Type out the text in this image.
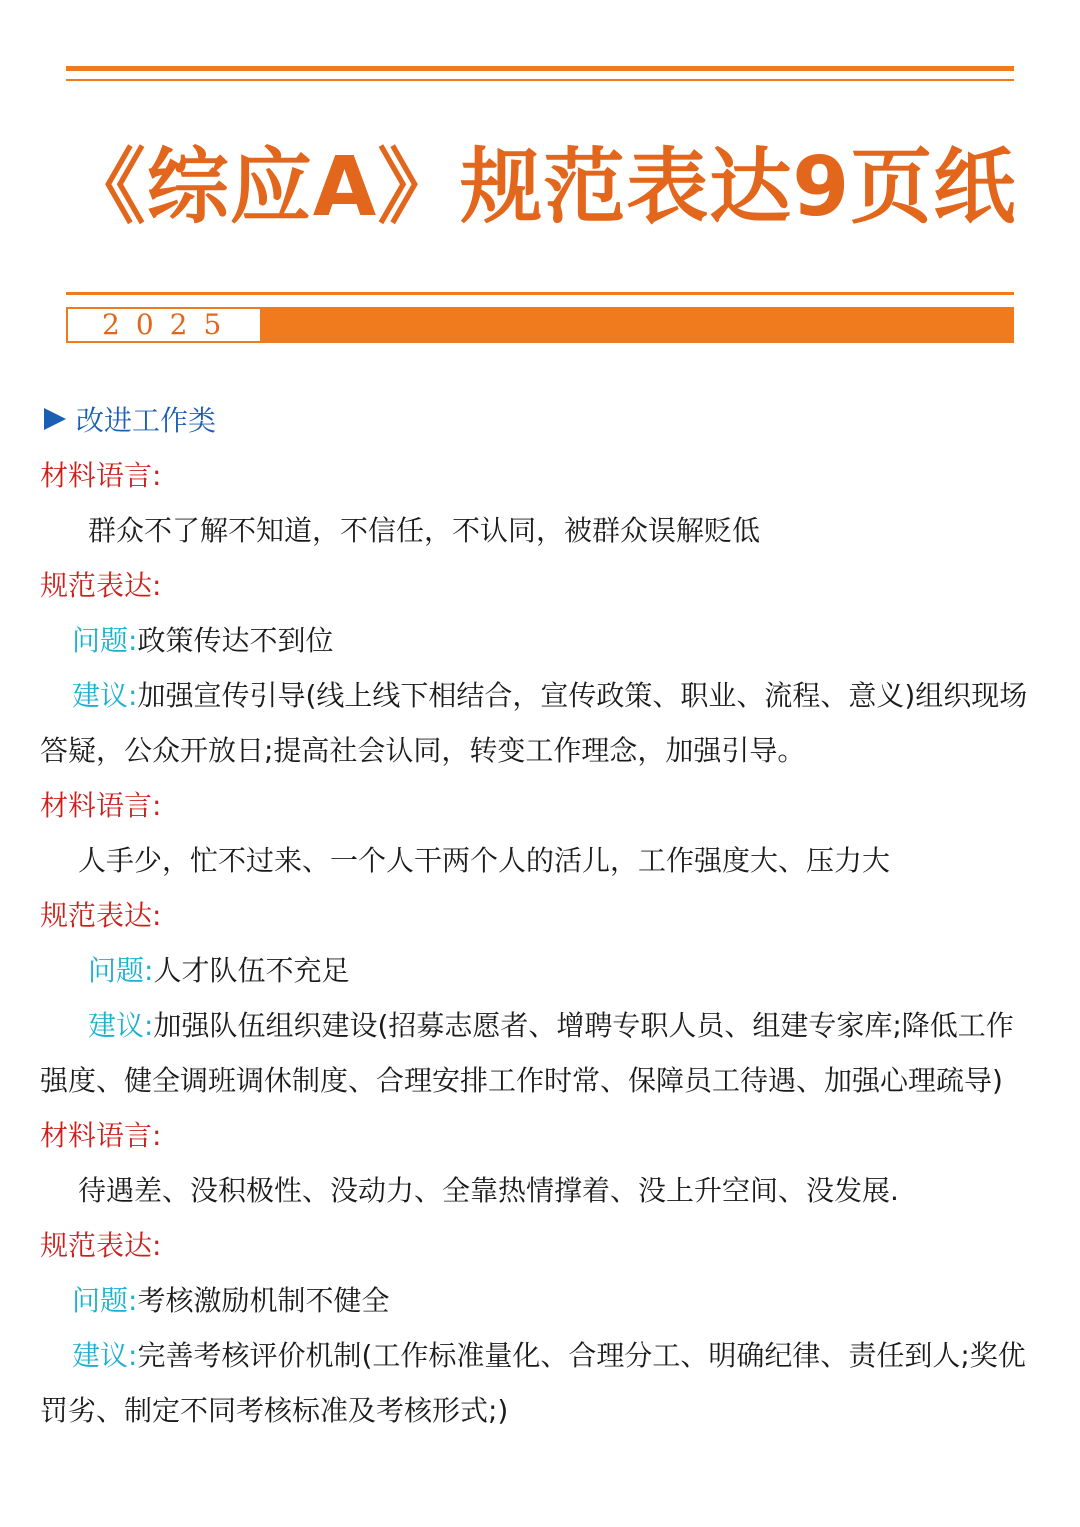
《综应A》规范表达9页纸
2025
改进工作类
材料语言:
群众不了解不知道，不信任，不认同，被群众误解贬低
规范表达:
问题:政策传达不到位
建议:加强宣传引导(线上线下相结合，宣传政策、职业、流程、意义)组织现场答疑，公众开放日;提高社会认同，转变工作理念，加强引导。
材料语言:
人手少，忙不过来、一个人干两个人的活儿，工作强度大、压力大
规范表达:
问题:人才队伍不充足
建议:加强队伍组织建设(招募志愿者、增聘专职人员、组建专家库;降低工作强度、健全调班调休制度、合理安排工作时常、保障员工待遇、加强心理疏导)
材料语言:
待遇差、没积极性、没动力、全靠热情撑着、没上升空间、没发展.
规范表达:
问题:考核激励机制不健全
建议:完善考核评价机制(工作标准量化、合理分工、明确纪律、责任到人;奖优罚劣、制定不同考核标准及考核形式;)
